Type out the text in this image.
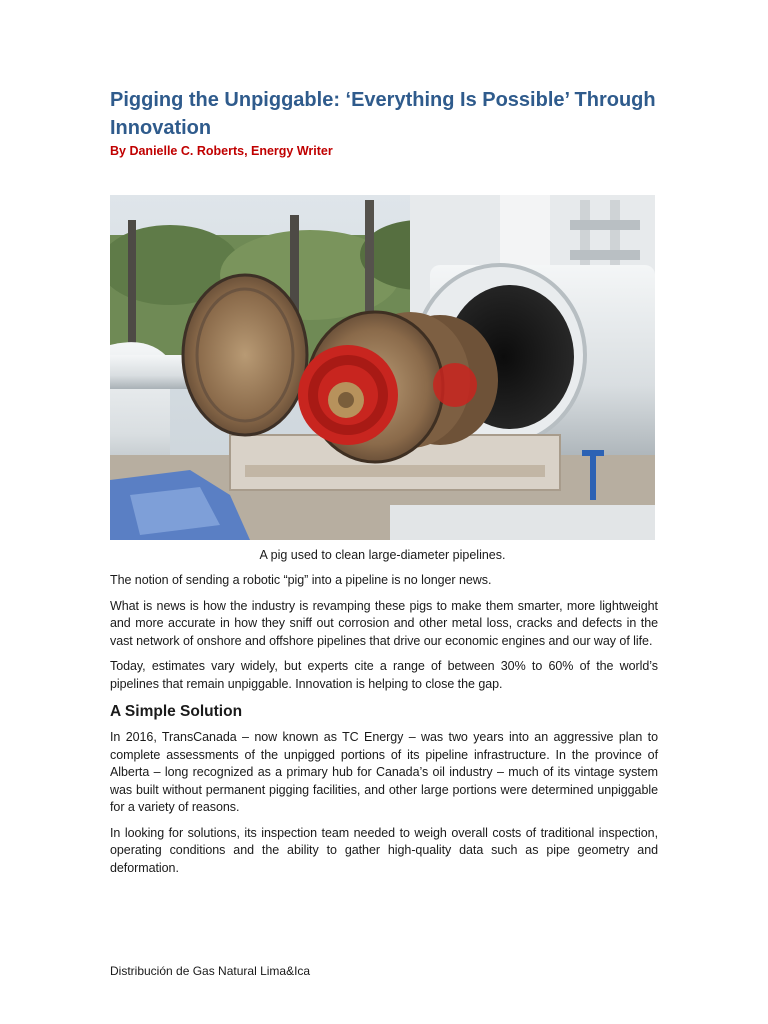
Pigging the Unpiggable: ‘Everything Is Possible’ Through Innovation
By Danielle C. Roberts, Energy Writer
A pig used to clean large-diameter pipelines.

The notion of sending a robotic “pig” into a pipeline is no longer news.

What is news is how the industry is revamping these pigs to make them smarter, more lightweight and more accurate in how they sniff out corrosion and other metal loss, cracks and defects in the vast network of onshore and offshore pipelines that drive our economic engines and our way of life.

Today, estimates vary widely, but experts cite a range of between 30% to 60% of the world’s pipelines that remain unpiggable. Innovation is helping to close the gap.

A Simple Solution

In 2016, TransCanada – now known as TC Energy – was two years into an aggressive plan to complete assessments of the unpigged portions of its pipeline infrastructure. In the province of Alberta – long recognized as a primary hub for Canada’s oil industry – much of its vintage system was built without permanent pigging facilities, and other large portions were determined unpiggable for a variety of reasons.

In looking for solutions, its inspection team needed to weigh overall costs of traditional inspection, operating conditions and the ability to gather high-quality data such as pipe geometry and deformation.

Distribución de Gas Natural Lima&Ica
